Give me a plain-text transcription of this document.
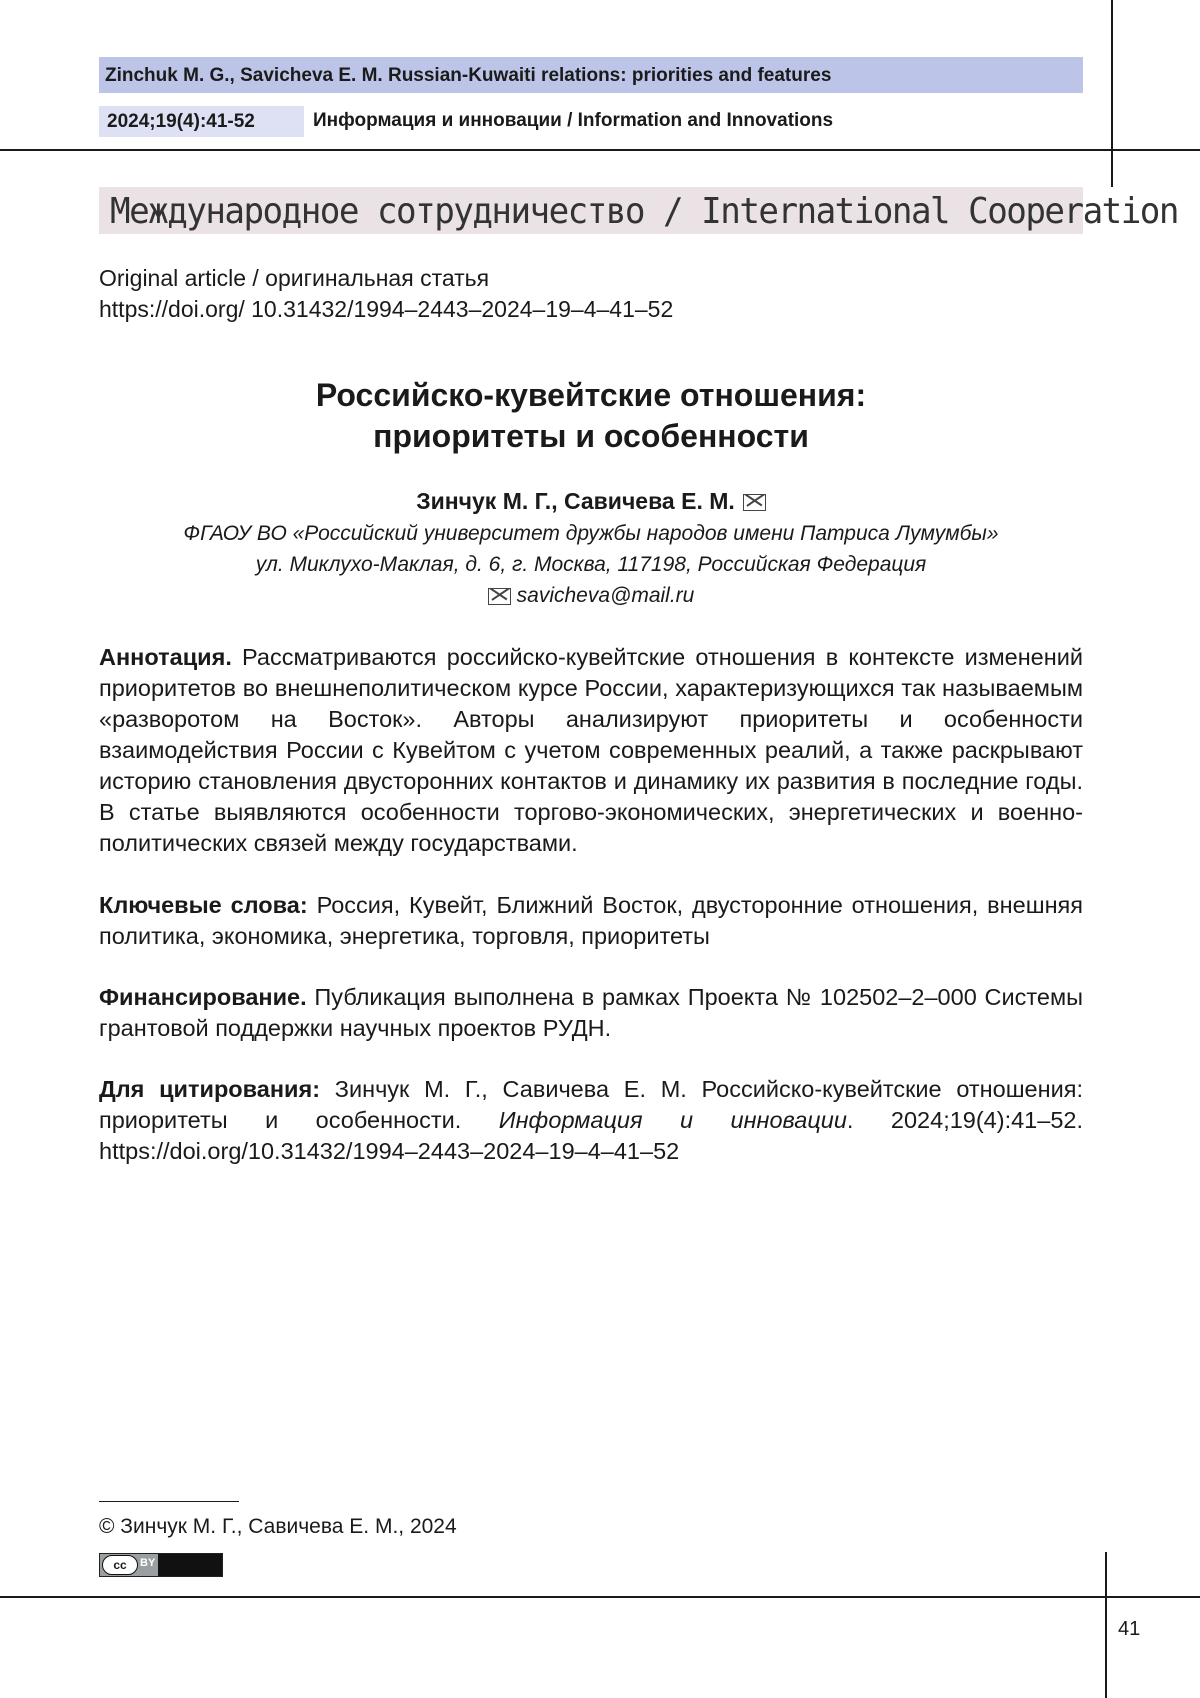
Zinchuk M. G., Savicheva E. M. Russian-Kuwaiti relations: priorities and features
2024;19(4):41-52	Информация и инновации / Information and Innovations
Международное сотрудничество / International Cooperation
Original article / оригинальная статья
https://doi.org/ 10.31432/1994–2443–2024–19–4–41–52
Российско-кувейтские отношения:
приоритеты и особенности
Зинчук М. Г., Савичева Е. М.
ФГАОУ ВО «Российский университет дружбы народов имени Патриса Лумумбы»
ул. Миклухо-Маклая, д. 6, г. Москва, 117198, Российская Федерация
savicheva@mail.ru
Аннотация. Рассматриваются российско-кувейтские отношения в контексте изменений приоритетов во внешнеполитическом курсе России, характеризующихся так называемым «разворотом на Восток». Авторы анализируют приоритеты и особенности взаимодействия России с Кувейтом с учетом современных реалий, а также раскрывают историю становления двусторонних контактов и динамику их развития в последние годы. В статье выявляются особенности торгово-экономических, энергетических и военно-политических связей между государствами.
Ключевые слова: Россия, Кувейт, Ближний Восток, двусторонние отношения, внешняя политика, экономика, энергетика, торговля, приоритеты
Финансирование. Публикация выполнена в рамках Проекта № 102502–2–000 Системы грантовой поддержки научных проектов РУДН.
Для цитирования: Зинчук М. Г., Савичева Е. М. Российско-кувейтские отношения: приоритеты и особенности. Информация и инновации. 2024;19(4):41–52. https://doi.org/10.31432/1994–2443–2024–19–4–41–52
© Зинчук М. Г., Савичева Е. М., 2024
cc	BY
41
